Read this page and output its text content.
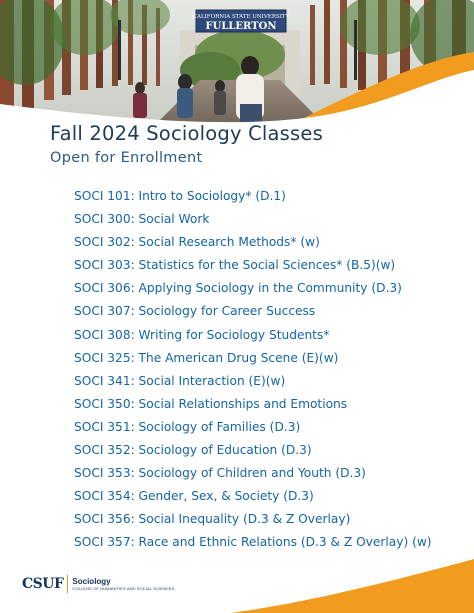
CALIFORNIA STATE UNIVERSITY
FULLERTON
Fall 2024 Sociology Classes
Open for Enrollment
SOCI 101: Intro to Sociology* (D.1)
SOCI 300: Social Work
SOCI 302: Social Research Methods* (w)
SOCI 303: Statistics for the Social Sciences* (B.5)(w)
SOCI 306: Applying Sociology in the Community (D.3)
SOCI 307: Sociology for Career Success
SOCI 308: Writing for Sociology Students*
SOCI 325: The American Drug Scene (E)(w)
SOCI 341: Social Interaction (E)(w)
SOCI 350: Social Relationships and Emotions
SOCI 351: Sociology of Families (D.3)
SOCI 352: Sociology of Education (D.3)
SOCI 353: Sociology of Children and Youth (D.3)
SOCI 354: Gender, Sex, & Society (D.3)
SOCI 356: Social Inequality (D.3 & Z Overlay)
SOCI 357: Race and Ethnic Relations (D.3 & Z Overlay) (w)
CSUF Sociology
COLLEGE OF HUMANITIES AND SOCIAL SCIENCES
